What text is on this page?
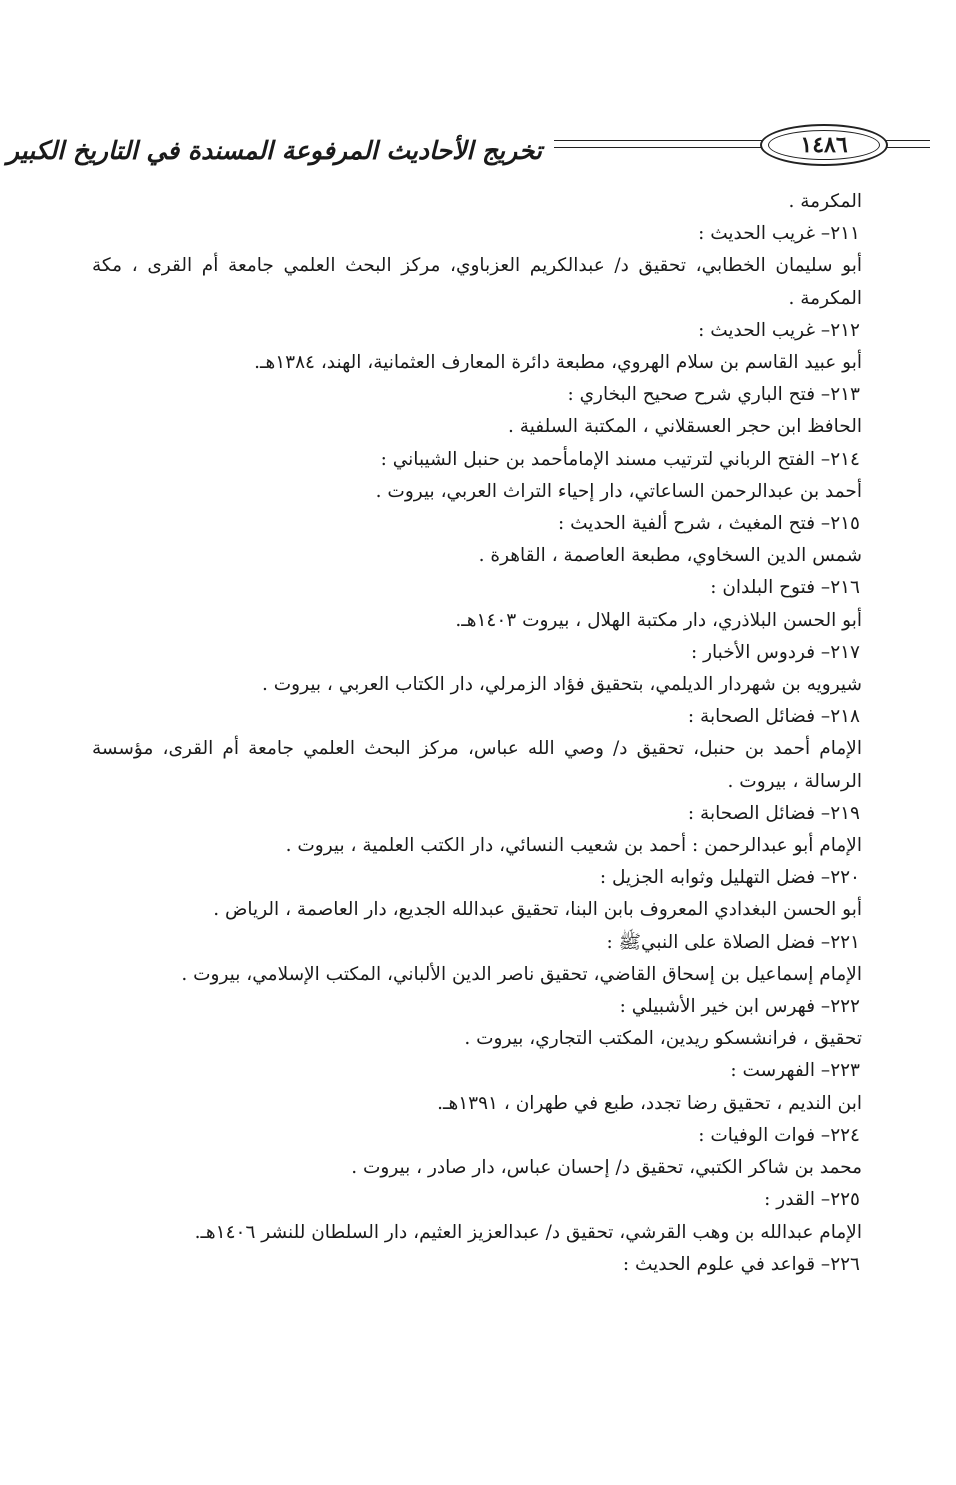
تخريج الأحاديث المرفوعة المسندة في التاريخ الكبير	١٤٨٦
المكرمة .
٢١١– غريب الحديث :
أبو سليمان الخطابي، تحقيق د/ عبدالكريم العزباوي، مركز البحث العلمي جامعة أم القرى ، مكة المكرمة .
٢١٢– غريب الحديث :
أبو عبيد القاسم بن سلام الهروي، مطبعة دائرة المعارف العثمانية، الهند، ١٣٨٤هـ.
٢١٣– فتح الباري شرح صحيح البخاري :
الحافظ ابن حجر العسقلاني ، المكتبة السلفية .
٢١٤– الفتح الرباني لترتيب مسند الإمامأحمد بن حنبل الشيباني :
أحمد بن عبدالرحمن الساعاتي، دار إحياء التراث العربي، بيروت .
٢١٥– فتح المغيث ، شرح ألفية الحديث :
شمس الدين السخاوي، مطبعة العاصمة ، القاهرة .
٢١٦– فتوح البلدان :
أبو الحسن البلاذري، دار مكتبة الهلال ، بيروت ١٤٠٣هـ.
٢١٧– فردوس الأخبار :
شيرويه بن شهردار الديلمي، بتحقيق فؤاد الزمرلي، دار الكتاب العربي ، بيروت .
٢١٨– فضائل الصحابة :
الإمام أحمد بن حنبل، تحقيق د/ وصي الله عباس، مركز البحث العلمي جامعة أم القرى، مؤسسة الرسالة ، بيروت .
٢١٩– فضائل الصحابة :
الإمام أبو عبدالرحمن : أحمد بن شعيب النسائي، دار الكتب العلمية ، بيروت .
٢٢٠– فضل التهليل وثوابه الجزيل :
أبو الحسن البغدادي المعروف بابن البنا، تحقيق عبدالله الجديع، دار العاصمة ، الرياض .
٢٢١– فضل الصلاة على النبيﷺ :
الإمام إسماعيل بن إسحاق القاضي، تحقيق ناصر الدين الألباني، المكتب الإسلامي، بيروت .
٢٢٢– فهرس ابن خير الأشبيلي :
تحقيق ، فرانشسكو ريدين، المكتب التجاري، بيروت .
٢٢٣– الفهرست :
ابن النديم ، تحقيق رضا تجدد، طبع في طهران ، ١٣٩١هـ.
٢٢٤– فوات الوفيات :
محمد بن شاكر الكتبي، تحقيق د/ إحسان عباس، دار صادر ، بيروت .
٢٢٥– القدر :
الإمام عبدالله بن وهب القرشي، تحقيق د/ عبدالعزيز العثيم، دار السلطان للنشر ١٤٠٦هـ.
٢٢٦– قواعد في علوم الحديث :
